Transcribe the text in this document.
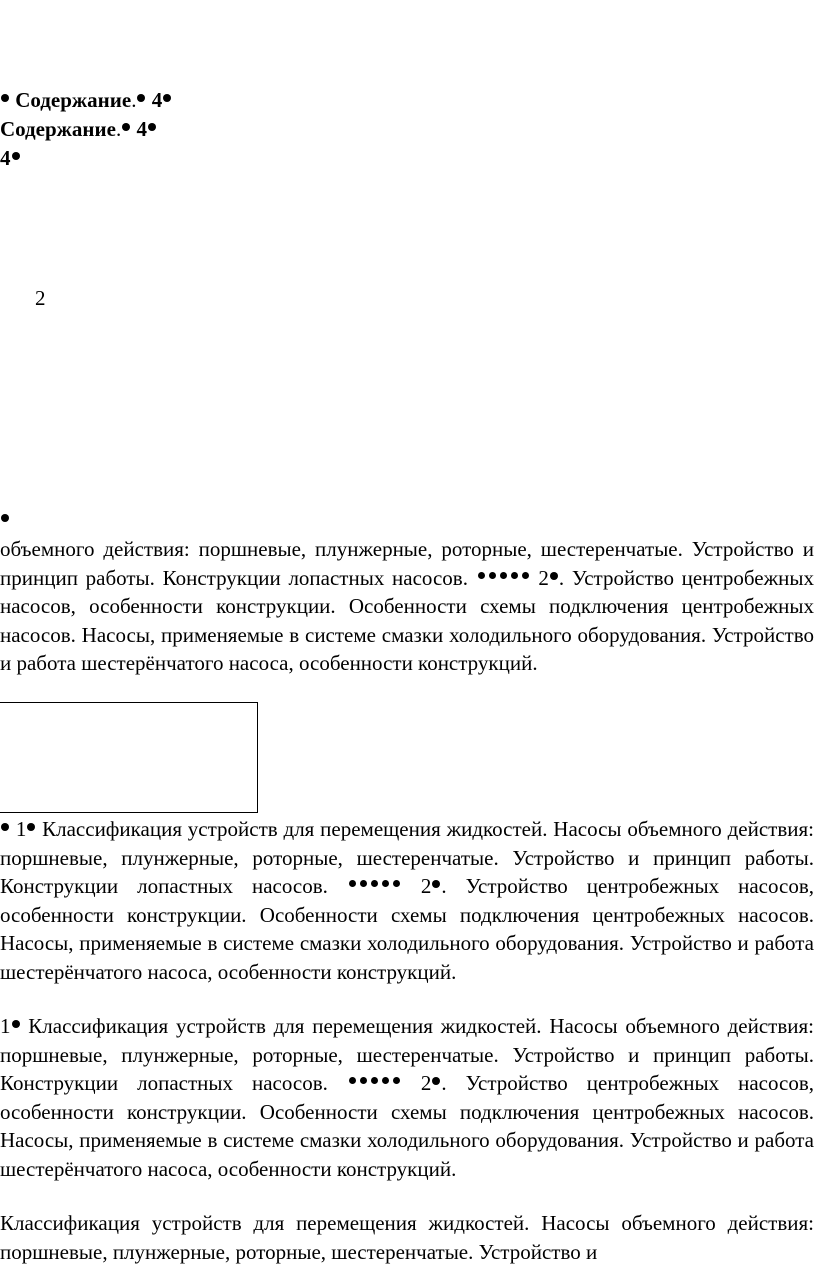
Содержание. 4
Содержание. 4
4
2

объемного действия: поршневые, плунжерные, роторные, шестеренчатые. Устройство и принцип работы. Конструкции лопастных насосов.	2 . Устройство центробежных насосов, особенности конструкции. Особенности схемы подключения центробежных насосов. Насосы, применяемые в системе смазки холодильного оборудования. Устройство и работа шестерёнчатого насоса, особенности конструкций.

1 Классификация устройств для перемещения жидкостей. Насосы объемного действия: поршневые, плунжерные, роторные, шестеренчатые. Устройство и принцип работы. Конструкции лопастных насосов.	2 . Устройство центробежных насосов, особенности конструкции. Особенности схемы подключения центробежных насосов. Насосы, применяемые в системе смазки холодильного оборудования. Устройство и работа шестерёнчатого насоса, особенности конструкций.

1 Классификация устройств для перемещения жидкостей. Насосы объемного действия: поршневые, плунжерные, роторные, шестеренчатые. Устройство и принцип работы. Конструкции лопастных насосов.	2 . Устройство центробежных насосов, особенности конструкции. Особенности схемы подключения центробежных насосов. Насосы, применяемые в системе смазки холодильного оборудования. Устройство и работа шестерёнчатого насоса, особенности конструкций.

Классификация устройств для перемещения жидкостей. Насосы объемного действия: поршневые, плунжерные, роторные, шестеренчатые. Устройство и
